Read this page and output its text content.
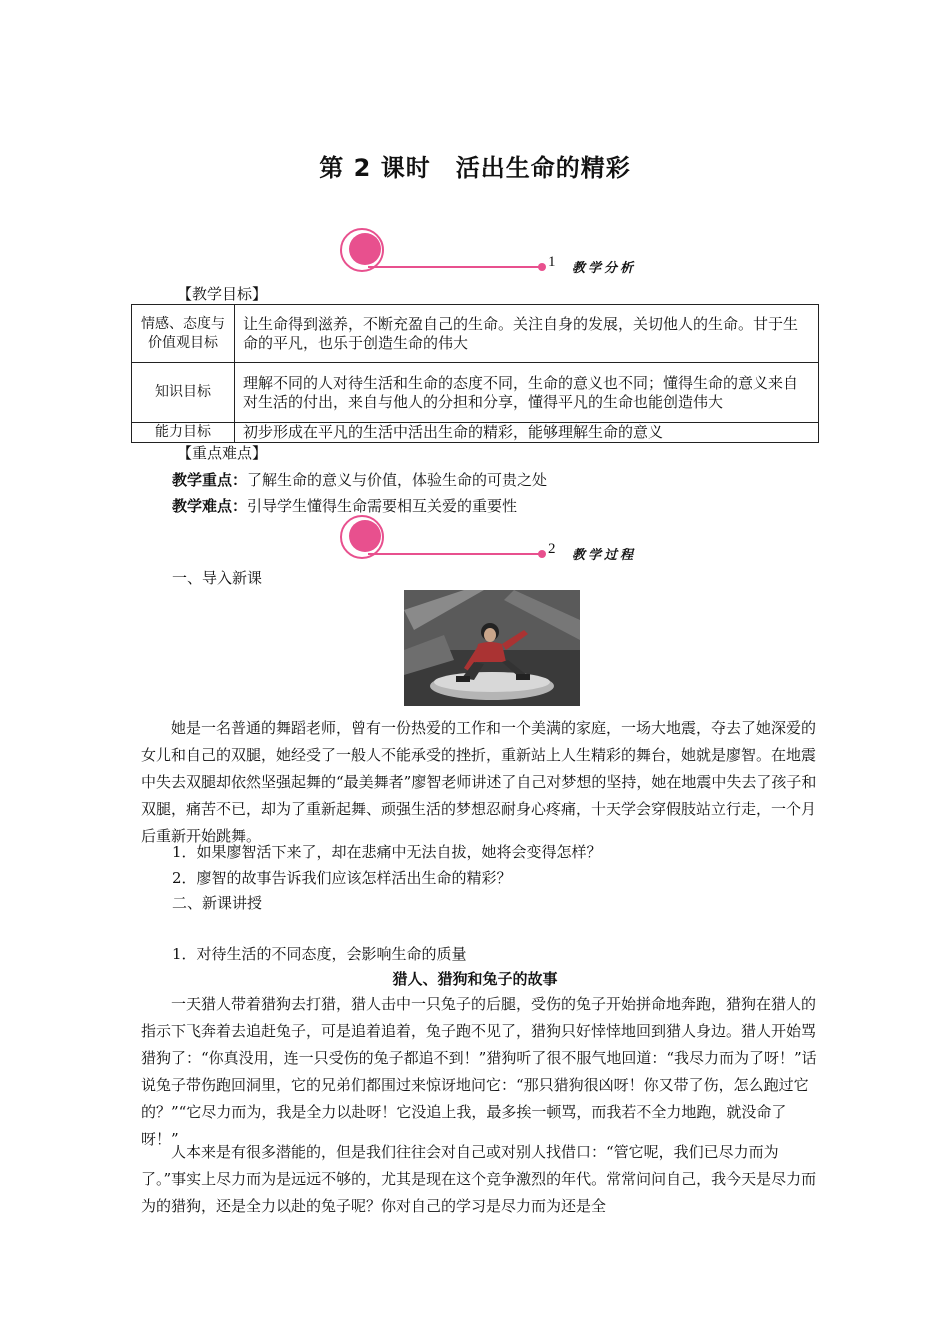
第 2 课时　活出生命的精彩
1 教学分析
【教学目标】
情感、态度与价值观目标	让生命得到滋养，不断充盈自己的生命。关注自身的发展，关切他人的生命。甘于生命的平凡，也乐于创造生命的伟大
知识目标	理解不同的人对待生活和生命的态度不同，生命的意义也不同；懂得生命的意义来自对生活的付出，来自与他人的分担和分享，懂得平凡的生命也能创造伟大
能力目标	初步形成在平凡的生活中活出生命的精彩，能够理解生命的意义
【重点难点】
教学重点：了解生命的意义与价值，体验生命的可贵之处
教学难点：引导学生懂得生命需要相互关爱的重要性
2 教学过程
一、导入新课
她是一名普通的舞蹈老师，曾有一份热爱的工作和一个美满的家庭，一场大地震，夺去了她深爱的女儿和自己的双腿，她经受了一般人不能承受的挫折，重新站上人生精彩的舞台，她就是廖智。在地震中失去双腿却依然坚强起舞的“最美舞者”廖智老师讲述了自己对梦想的坚持，她在地震中失去了孩子和双腿，痛苦不已，却为了重新起舞、顽强生活的梦想忍耐身心疼痛，十天学会穿假肢站立行走，一个月后重新开始跳舞。
1．如果廖智活下来了，却在悲痛中无法自拔，她将会变得怎样？
2．廖智的故事告诉我们应该怎样活出生命的精彩？
二、新课讲授
1．对待生活的不同态度，会影响生命的质量
猎人、猎狗和兔子的故事
一天猎人带着猎狗去打猎，猎人击中一只兔子的后腿，受伤的兔子开始拼命地奔跑，猎狗在猎人的指示下飞奔着去追赶兔子，可是追着追着，兔子跑不见了，猎狗只好悻悻地回到猎人身边。猎人开始骂猎狗了：“你真没用，连一只受伤的兔子都追不到！”猎狗听了很不服气地回道：“我尽力而为了呀！”话说兔子带伤跑回洞里，它的兄弟们都围过来惊讶地问它：“那只猎狗很凶呀！你又带了伤，怎么跑过它的？”“它尽力而为，我是全力以赴呀！它没追上我，最多挨一顿骂，而我若不全力地跑，就没命了呀！”
人本来是有很多潜能的，但是我们往往会对自己或对别人找借口：“管它呢，我们已尽力而为了。”事实上尽力而为是远远不够的，尤其是现在这个竞争激烈的年代。常常问问自己，我今天是尽力而为的猎狗，还是全力以赴的兔子呢？你对自己的学习是尽力而为还是全
